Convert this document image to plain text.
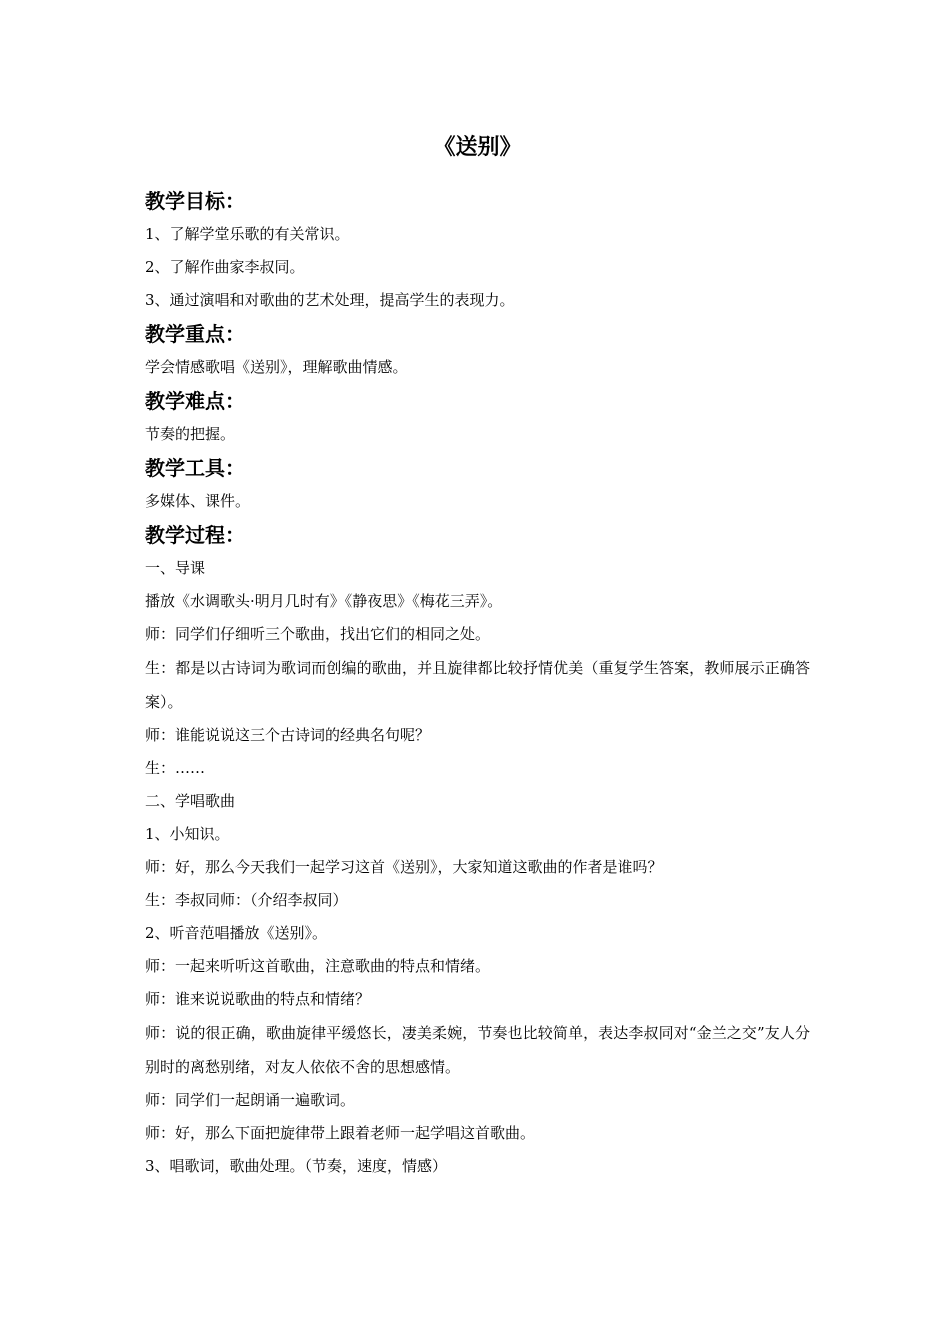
《送别》
教学目标：
1、了解学堂乐歌的有关常识。
2、了解作曲家李叔同。
3、通过演唱和对歌曲的艺术处理，提高学生的表现力。
教学重点：
学会情感歌唱《送别》，理解歌曲情感。
教学难点：
节奏的把握。
教学工具：
多媒体、课件。
教学过程：
一、导课
播放《水调歌头·明月几时有》《静夜思》《梅花三弄》。
师：同学们仔细听三个歌曲，找出它们的相同之处。
生：都是以古诗词为歌词而创编的歌曲，并且旋律都比较抒情优美（重复学生答案，教师展示正确答案）。
师：谁能说说这三个古诗词的经典名句呢？
生：……
二、学唱歌曲
1、小知识。
师：好，那么今天我们一起学习这首《送别》，大家知道这歌曲的作者是谁吗？
生：李叔同师：（介绍李叔同）
2、听音范唱播放《送别》。
师：一起来听听这首歌曲，注意歌曲的特点和情绪。
师：谁来说说歌曲的特点和情绪？
师：说的很正确，歌曲旋律平缓悠长，凄美柔婉，节奏也比较简单，表达李叔同对“金兰之交”友人分别时的离愁别绪，对友人依依不舍的思想感情。
师：同学们一起朗诵一遍歌词。
师：好，那么下面把旋律带上跟着老师一起学唱这首歌曲。
3、唱歌词，歌曲处理。（节奏，速度，情感）
